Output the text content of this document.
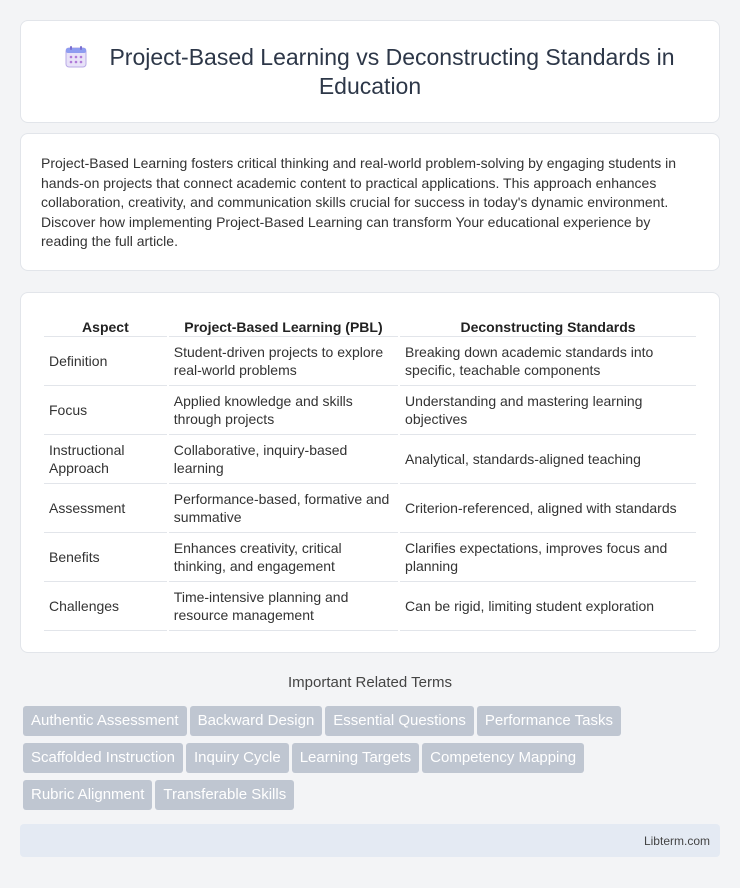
Project-Based Learning vs Deconstructing Standards in Education

Project-Based Learning fosters critical thinking and real-world problem-solving by engaging students in hands-on projects that connect academic content to practical applications. This approach enhances collaboration, creativity, and communication skills crucial for success in today's dynamic environment. Discover how implementing Project-Based Learning can transform Your educational experience by reading the full article.

Aspect	Project-Based Learning (PBL)	Deconstructing Standards
Definition	Student-driven projects to explore real-world problems	Breaking down academic standards into specific, teachable components
Focus	Applied knowledge and skills through projects	Understanding and mastering learning objectives
Instructional Approach	Collaborative, inquiry-based learning	Analytical, standards-aligned teaching
Assessment	Performance-based, formative and summative	Criterion-referenced, aligned with standards
Benefits	Enhances creativity, critical thinking, and engagement	Clarifies expectations, improves focus and planning
Challenges	Time-intensive planning and resource management	Can be rigid, limiting student exploration
Important Related Terms
Authentic Assessment Backward Design Essential Questions Performance Tasks
Scaffolded Instruction Inquiry Cycle Learning Targets Competency Mapping
Rubric Alignment Transferable Skills
Libterm.com
